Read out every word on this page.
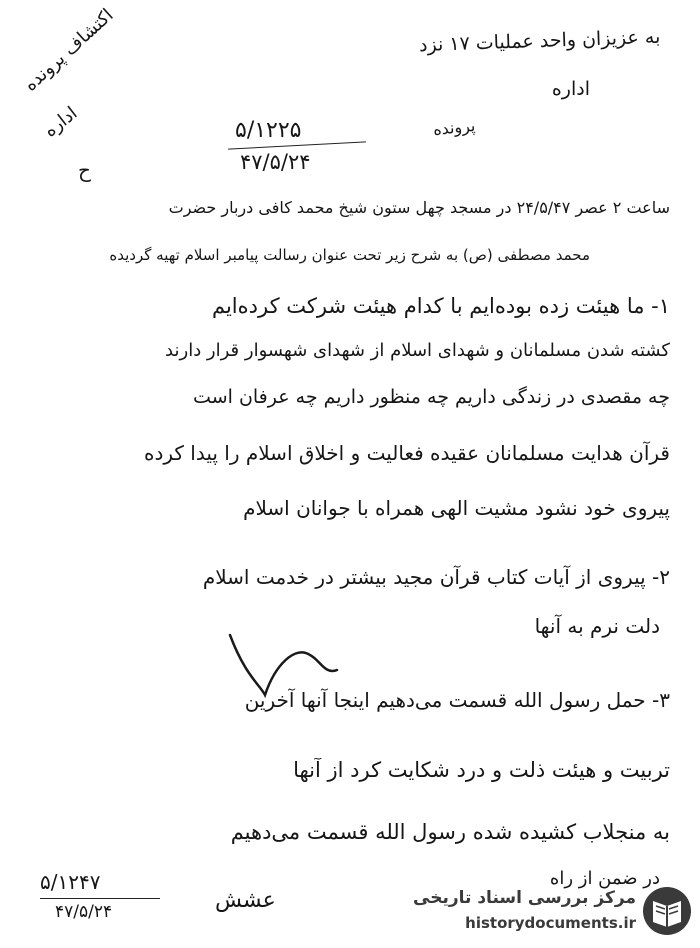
به عزیزان واحد عملیات ۱۷ نزد
اداره
اکتشاف پرونده
اداره
ح
پرونده
۵/۱۲۲۵
۴۷/۵/۲۴
ساعت ۲ عصر ۲۴/۵/۴۷ در مسجد چهل ستون شیخ محمد کافی دربار حضرت
محمد مصطفی (ص) به شرح زیر تحت عنوان رسالت پیامبر اسلام تهیه گردیده
۱- ما هیئت زده بوده‌ایم با کدام هیئت شرکت کرده‌ایم
کشته شدن مسلمانان و شهدای اسلام از شهدای شهسوار قرار دارند
چه مقصدی در زندگی داریم چه منظور داریم چه عرفان است
قرآن هدایت مسلمانان عقیده فعالیت و اخلاق اسلام را پیدا کرده
پیروی خود نشود مشیت الهی همراه با جوانان اسلام
۲- پیروی از آیات کتاب قرآن مجید بیشتر در خدمت اسلام
دلت نرم به آنها
۳- حمل رسول الله قسمت می‌دهیم اینجا آنها آخرین
تربیت و هیئت ذلت و درد شکایت کرد از آنها
به منجلاب کشیده شده رسول الله قسمت می‌دهیم
در ضمن از راه
۵/۱۲۴۷
۴۷/۵/۲۴	عشش	مرکز بررسی اسناد تاریخی
historydocuments.ir
